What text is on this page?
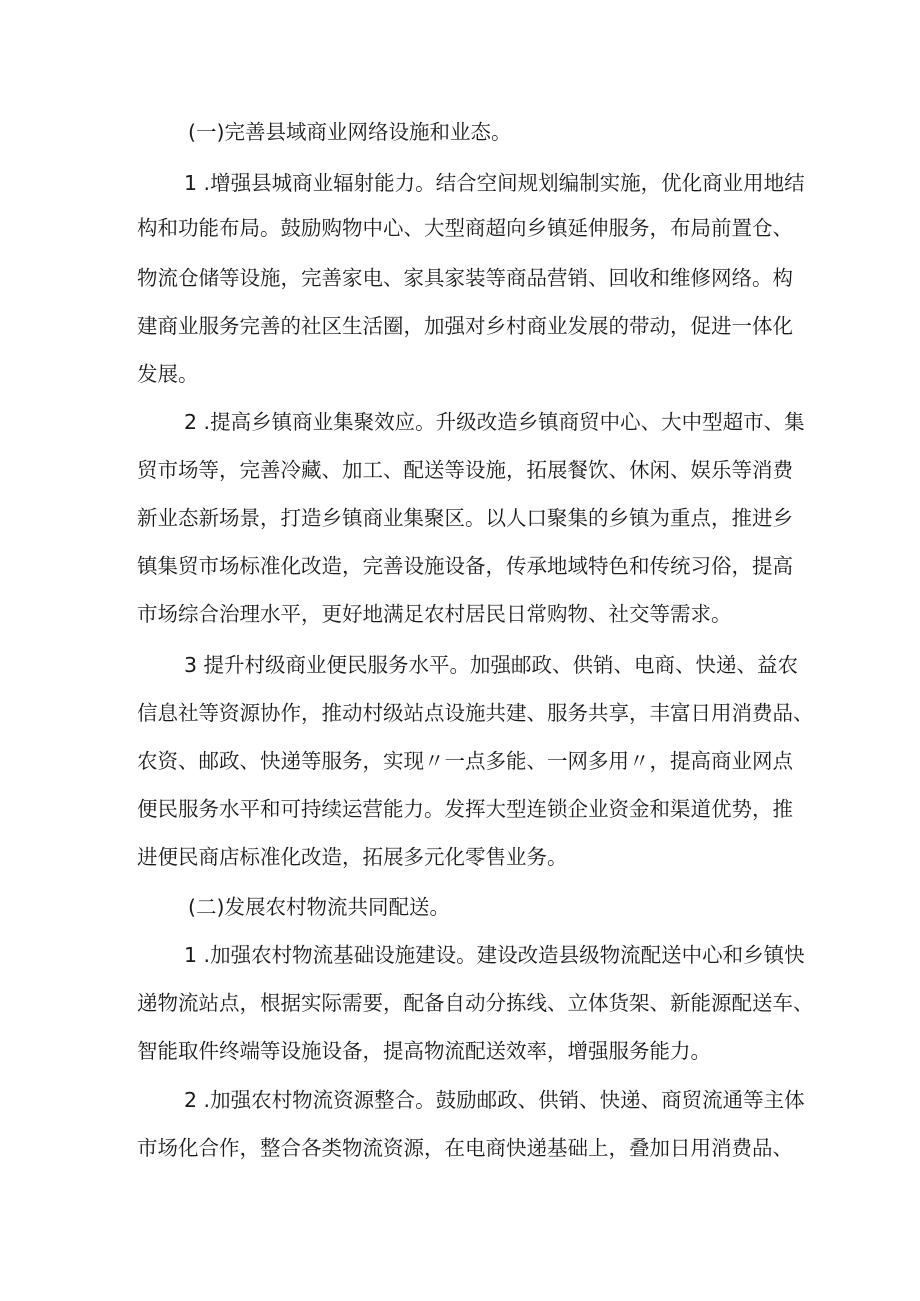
(一)完善县域商业网络设施和业态。
1 .增强县城商业辐射能力。结合空间规划编制实施，优化商业用地结
构和功能布局。鼓励购物中心、大型商超向乡镇延伸服务，布局前置仓、
物流仓储等设施，完善家电、家具家装等商品营销、回收和维修网络。构
建商业服务完善的社区生活圈，加强对乡村商业发展的带动，促进一体化
发展。
2 .提高乡镇商业集聚效应。升级改造乡镇商贸中心、大中型超市、集
贸市场等，完善冷藏、加工、配送等设施，拓展餐饮、休闲、娱乐等消费
新业态新场景，打造乡镇商业集聚区。以人口聚集的乡镇为重点，推进乡
镇集贸市场标准化改造，完善设施设备，传承地域特色和传统习俗，提高
市场综合治理水平，更好地满足农村居民日常购物、社交等需求。
3 提升村级商业便民服务水平。加强邮政、供销、电商、快递、益农
信息社等资源协作，推动村级站点设施共建、服务共享，丰富日用消费品、
农资、邮政、快递等服务，实现〃一点多能、一网多用〃，提高商业网点
便民服务水平和可持续运营能力。发挥大型连锁企业资金和渠道优势，推
进便民商店标准化改造，拓展多元化零售业务。
(二)发展农村物流共同配送。
1 .加强农村物流基础设施建设。建设改造县级物流配送中心和乡镇快
递物流站点，根据实际需要，配备自动分拣线、立体货架、新能源配送车、
智能取件终端等设施设备，提高物流配送效率，增强服务能力。
2 .加强农村物流资源整合。鼓励邮政、供销、快递、商贸流通等主体
市场化合作，整合各类物流资源，在电商快递基础上，叠加日用消费品、
